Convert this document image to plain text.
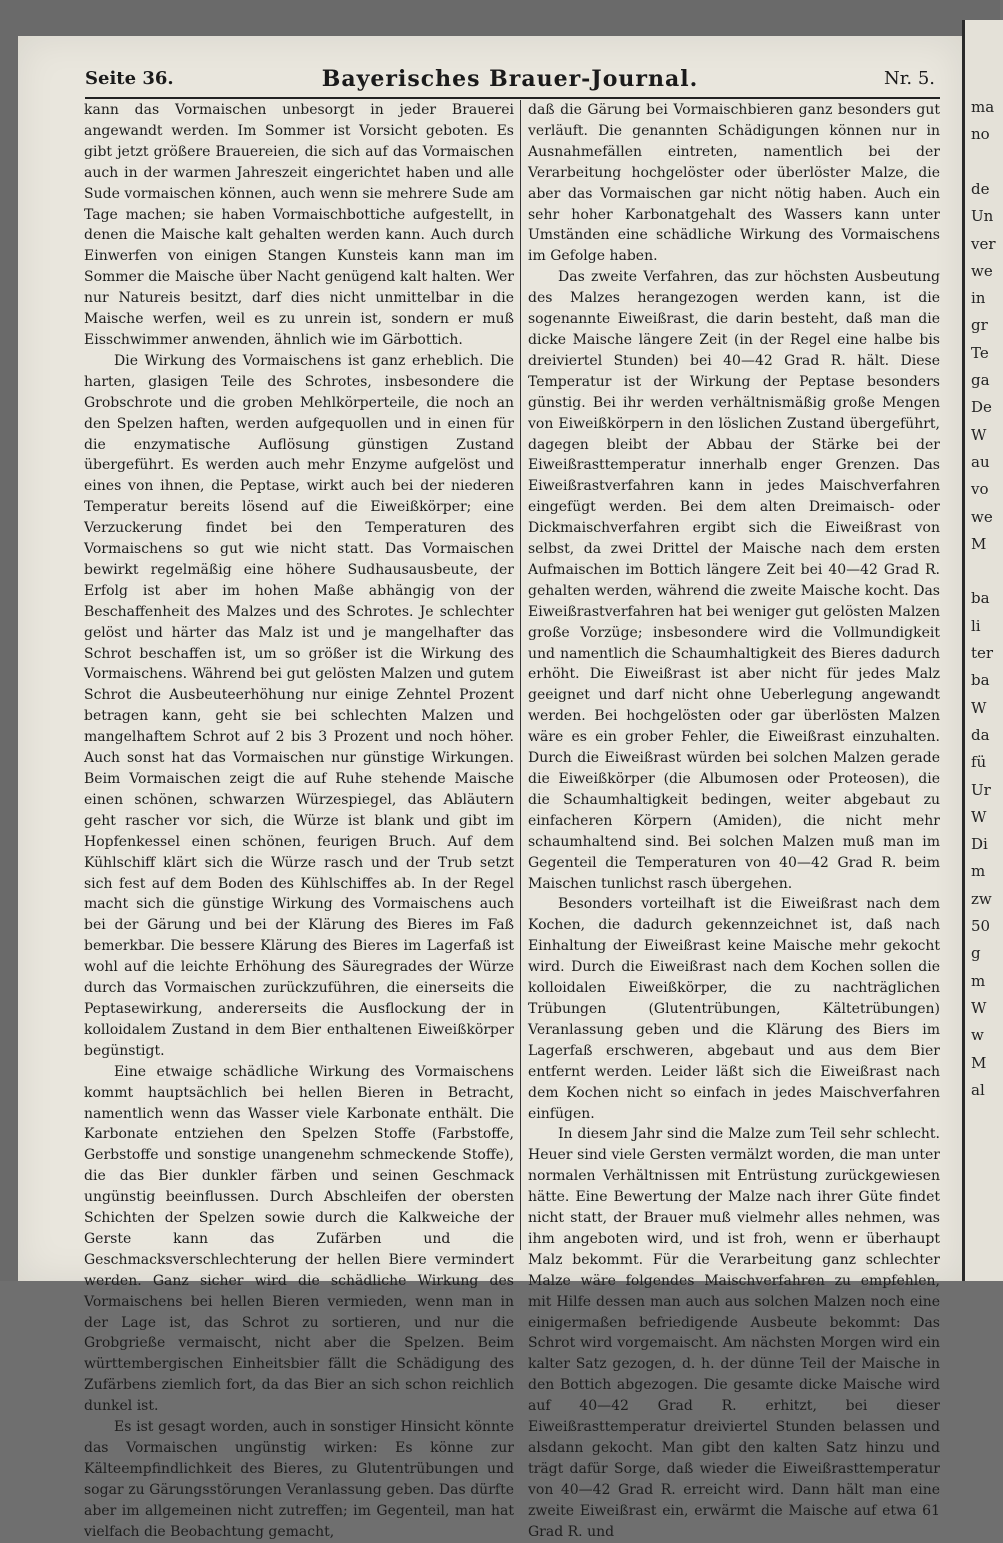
ma
no
de
Un
ver
we
in
gr
Te
ga
De
W
au
vo
we
M
ba
li
ter
ba
W
da
fü
Ur
W
Di
m
zw
50
g
m
W
w
M
al
Seite 36.	Bayerisches Brauer-Journal.	Nr. 5.

kann das Vormaischen unbesorgt in jeder Brauerei angewandt werden. Im Sommer ist Vorsicht geboten. Es gibt jetzt größere Brauereien, die sich auf das Vormaischen auch in der warmen Jahreszeit eingerichtet haben und alle Sude vormaischen können, auch wenn sie mehrere Sude am Tage machen; sie haben Vormaischbottiche aufgestellt, in denen die Maische kalt gehalten werden kann. Auch durch Einwerfen von einigen Stangen Kunsteis kann man im Sommer die Maische über Nacht genügend kalt halten. Wer nur Natureis besitzt, darf dies nicht unmittelbar in die Maische werfen, weil es zu unrein ist, sondern er muß Eisschwimmer anwenden, ähnlich wie im Gärbottich.

Die Wirkung des Vormaischens ist ganz erheblich. Die harten, glasigen Teile des Schrotes, insbesondere die Grobschrote und die groben Mehlkörperteile, die noch an den Spelzen haften, werden aufgequollen und in einen für die enzymatische Auflösung günstigen Zustand übergeführt. Es werden auch mehr Enzyme aufgelöst und eines von ihnen, die Peptase, wirkt auch bei der niederen Temperatur bereits lösend auf die Eiweißkörper; eine Verzuckerung findet bei den Temperaturen des Vormaischens so gut wie nicht statt. Das Vormaischen bewirkt regelmäßig eine höhere Sudhausausbeute, der Erfolg ist aber im hohen Maße abhängig von der Beschaffenheit des Malzes und des Schrotes. Je schlechter gelöst und härter das Malz ist und je mangelhafter das Schrot beschaffen ist, um so größer ist die Wirkung des Vormaischens. Während bei gut gelösten Malzen und gutem Schrot die Ausbeuteerhöhung nur einige Zehntel Prozent betragen kann, geht sie bei schlechten Malzen und mangelhaftem Schrot auf 2 bis 3 Prozent und noch höher. Auch sonst hat das Vormaischen nur günstige Wirkungen. Beim Vormaischen zeigt die auf Ruhe stehende Maische einen schönen, schwarzen Würzespiegel, das Abläutern geht rascher vor sich, die Würze ist blank und gibt im Hopfenkessel einen schönen, feurigen Bruch. Auf dem Kühlschiff klärt sich die Würze rasch und der Trub setzt sich fest auf dem Boden des Kühlschiffes ab. In der Regel macht sich die günstige Wirkung des Vormaischens auch bei der Gärung und bei der Klärung des Bieres im Faß bemerkbar. Die bessere Klärung des Bieres im Lagerfaß ist wohl auf die leichte Erhöhung des Säuregrades der Würze durch das Vormaischen zurückzuführen, die einerseits die Peptasewirkung, andererseits die Ausflockung der in kolloidalem Zustand in dem Bier enthaltenen Eiweißkörper begünstigt.

Eine etwaige schädliche Wirkung des Vormaischens kommt hauptsächlich bei hellen Bieren in Betracht, namentlich wenn das Wasser viele Karbonate enthält. Die Karbonate entziehen den Spelzen Stoffe (Farbstoffe, Gerbstoffe und sonstige unangenehm schmeckende Stoffe), die das Bier dunkler färben und seinen Geschmack ungünstig beeinflussen. Durch Abschleifen der obersten Schichten der Spelzen sowie durch die Kalkweiche der Gerste kann das Zufärben und die Geschmacksverschlechterung der hellen Biere vermindert werden. Ganz sicher wird die schädliche Wirkung des Vormaischens bei hellen Bieren vermieden, wenn man in der Lage ist, das Schrot zu sortieren, und nur die Grobgrieße vermaischt, nicht aber die Spelzen. Beim württembergischen Einheitsbier fällt die Schädigung des Zufärbens ziemlich fort, da das Bier an sich schon reichlich dunkel ist.

Es ist gesagt worden, auch in sonstiger Hinsicht könnte das Vormaischen ungünstig wirken: Es könne zur Kälteempfindlichkeit des Bieres, zu Glutentrübungen und sogar zu Gärungsstörungen Veranlassung geben. Das dürfte aber im allgemeinen nicht zutreffen; im Gegenteil, man hat vielfach die Beobachtung gemacht,

daß die Gärung bei Vormaischbieren ganz besonders gut verläuft. Die genannten Schädigungen können nur in Ausnahmefällen eintreten, namentlich bei der Verarbeitung hochgelöster oder überlöster Malze, die aber das Vormaischen gar nicht nötig haben. Auch ein sehr hoher Karbonatgehalt des Wassers kann unter Umständen eine schädliche Wirkung des Vormaischens im Gefolge haben.

Das zweite Verfahren, das zur höchsten Ausbeutung des Malzes herangezogen werden kann, ist die sogenannte Eiweißrast, die darin besteht, daß man die dicke Maische längere Zeit (in der Regel eine halbe bis dreiviertel Stunden) bei 40—42 Grad R. hält. Diese Temperatur ist der Wirkung der Peptase besonders günstig. Bei ihr werden verhältnismäßig große Mengen von Eiweißkörpern in den löslichen Zustand übergeführt, dagegen bleibt der Abbau der Stärke bei der Eiweißrasttemperatur innerhalb enger Grenzen. Das Eiweißrastverfahren kann in jedes Maischverfahren eingefügt werden. Bei dem alten Dreimaisch- oder Dickmaischverfahren ergibt sich die Eiweißrast von selbst, da zwei Drittel der Maische nach dem ersten Aufmaischen im Bottich längere Zeit bei 40—42 Grad R. gehalten werden, während die zweite Maische kocht. Das Eiweißrastverfahren hat bei weniger gut gelösten Malzen große Vorzüge; insbesondere wird die Vollmundigkeit und namentlich die Schaumhaltigkeit des Bieres dadurch erhöht. Die Eiweißrast ist aber nicht für jedes Malz geeignet und darf nicht ohne Ueberlegung angewandt werden. Bei hochgelösten oder gar überlösten Malzen wäre es ein grober Fehler, die Eiweißrast einzuhalten. Durch die Eiweißrast würden bei solchen Malzen gerade die Eiweißkörper (die Albumosen oder Proteosen), die die Schaumhaltigkeit bedingen, weiter abgebaut zu einfacheren Körpern (Amiden), die nicht mehr schaumhaltend sind. Bei solchen Malzen muß man im Gegenteil die Temperaturen von 40—42 Grad R. beim Maischen tunlichst rasch übergehen.

Besonders vorteilhaft ist die Eiweißrast nach dem Kochen, die dadurch gekennzeichnet ist, daß nach Einhaltung der Eiweißrast keine Maische mehr gekocht wird. Durch die Eiweißrast nach dem Kochen sollen die kolloidalen Eiweißkörper, die zu nachträglichen Trübungen (Glutentrübungen, Kältetrübungen) Veranlassung geben und die Klärung des Biers im Lagerfaß erschweren, abgebaut und aus dem Bier entfernt werden. Leider läßt sich die Eiweißrast nach dem Kochen nicht so einfach in jedes Maischverfahren einfügen.

In diesem Jahr sind die Malze zum Teil sehr schlecht. Heuer sind viele Gersten vermälzt worden, die man unter normalen Verhältnissen mit Entrüstung zurückgewiesen hätte. Eine Bewertung der Malze nach ihrer Güte findet nicht statt, der Brauer muß vielmehr alles nehmen, was ihm angeboten wird, und ist froh, wenn er überhaupt Malz bekommt. Für die Verarbeitung ganz schlechter Malze wäre folgendes Maischverfahren zu empfehlen, mit Hilfe dessen man auch aus solchen Malzen noch eine einigermaßen befriedigende Ausbeute bekommt: Das Schrot wird vorgemaischt. Am nächsten Morgen wird ein kalter Satz gezogen, d. h. der dünne Teil der Maische in den Bottich abgezogen. Die gesamte dicke Maische wird auf 40—42 Grad R. erhitzt, bei dieser Eiweißrasttemperatur dreiviertel Stunden belassen und alsdann gekocht. Man gibt den kalten Satz hinzu und trägt dafür Sorge, daß wieder die Eiweißrasttemperatur von 40—42 Grad R. erreicht wird. Dann hält man eine zweite Eiweißrast ein, erwärmt die Maische auf etwa 61 Grad R. und
